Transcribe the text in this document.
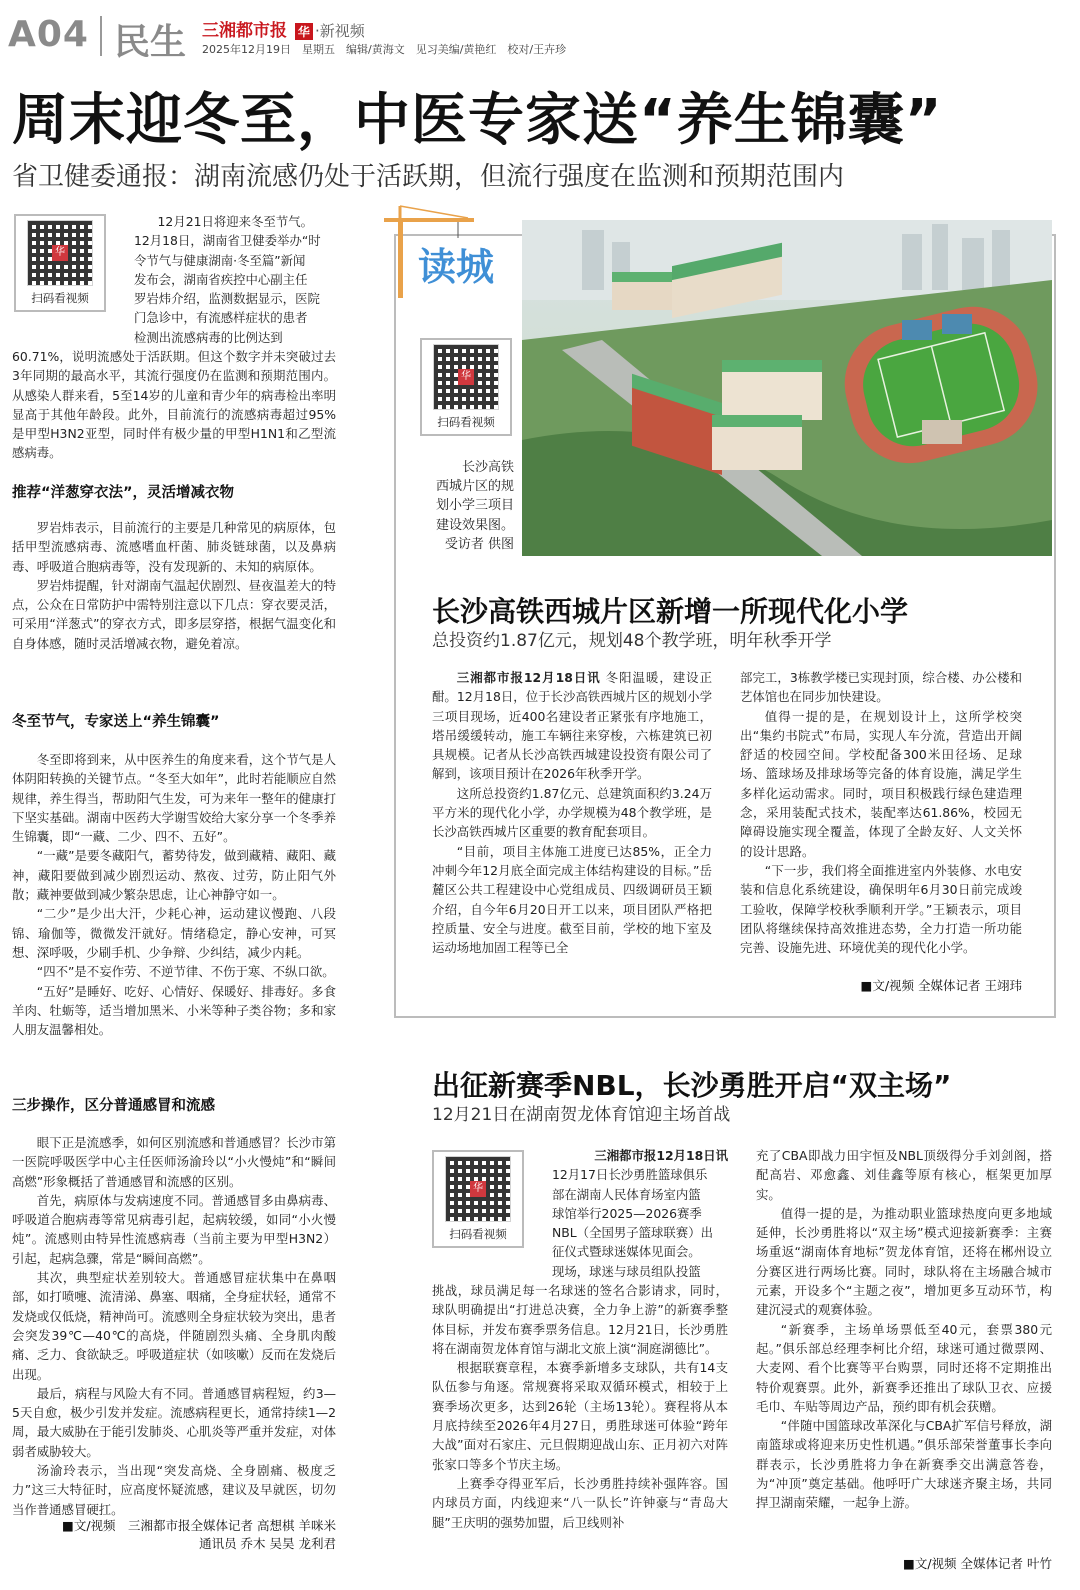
A04 民生 三湘都市报 华 ·新视频
2025年12月19日　星期五　编辑/黄海文　见习美编/黄艳红　校对/王卉珍
周末迎冬至，中医专家送“养生锦囊”
省卫健委通报：湖南流感仍处于活跃期，但流行强度在监测和预期范围内
华
扫码看视频
12月21日将迎来冬至节气。
12月18日，湖南省卫健委举办“时
令节气与健康湖南·冬至篇”新闻
发布会，湖南省疾控中心副主任
罗岩炜介绍，监测数据显示，医院
门急诊中，有流感样症状的患者
检测出流感病毒的比例达到
60.71%，说明流感处于活跃期。但这个数字并未突破过去3年同期的最高水平，其流行强度仍在监测和预期范围内。从感染人群来看，5至14岁的儿童和青少年的病毒检出率明显高于其他年龄段。此外，目前流行的流感病毒超过95%是甲型H3N2亚型，同时伴有极少量的甲型H1N1和乙型流感病毒。
推荐“洋葱穿衣法”，灵活增减衣物

罗岩炜表示，目前流行的主要是几种常见的病原体，包括甲型流感病毒、流感嗜血杆菌、肺炎链球菌，以及鼻病毒、呼吸道合胞病毒等，没有发现新的、未知的病原体。

罗岩炜提醒，针对湖南气温起伏剧烈、昼夜温差大的特点，公众在日常防护中需特别注意以下几点：穿衣要灵活，可采用“洋葱式”的穿衣方式，即多层穿搭，根据气温变化和自身体感，随时灵活增减衣物，避免着凉。

冬至节气，专家送上“养生锦囊”

冬至即将到来，从中医养生的角度来看，这个节气是人体阴阳转换的关键节点。“冬至大如年”，此时若能顺应自然规律，养生得当，帮助阳气生发，可为来年一整年的健康打下坚实基础。湖南中医药大学谢雪姣给大家分享一个冬季养生锦囊，即“一藏、二少、四不、五好”。

“一藏”是要冬藏阳气，蓄势待发，做到藏精、藏阳、藏神，藏阳要做到减少剧烈运动、熬夜、过劳，防止阳气外散；藏神要做到减少繁杂思虑，让心神静守如一。

“二少”是少出大汗，少耗心神，运动建议慢跑、八段锦、瑜伽等，微微发汗就好。情绪稳定，静心安神，可冥想、深呼吸，少刷手机、少争辩、少纠结，减少内耗。

“四不”是不妄作劳、不逆节律、不伤于寒、不纵口欲。

“五好”是睡好、吃好、心情好、保暖好、排毒好。多食羊肉、牡蛎等，适当增加黑米、小米等种子类谷物；多和家人朋友温馨相处。

三步操作，区分普通感冒和流感

眼下正是流感季，如何区别流感和普通感冒？长沙市第一医院呼吸医学中心主任医师汤渝玲以“小火慢炖”和“瞬间高燃”形象概括了普通感冒和流感的区别。

首先，病原体与发病速度不同。普通感冒多由鼻病毒、呼吸道合胞病毒等常见病毒引起，起病较缓，如同“小火慢炖”。流感则由特异性流感病毒（当前主要为甲型H3N2）引起，起病急骤，常是“瞬间高燃”。

其次，典型症状差别较大。普通感冒症状集中在鼻咽部，如打喷嚏、流清涕、鼻塞、咽痛，全身症状轻，通常不发烧或仅低烧，精神尚可。流感则全身症状较为突出，患者会突发39℃—40℃的高烧，伴随剧烈头痛、全身肌肉酸痛、乏力、食欲缺乏。呼吸道症状（如咳嗽）反而在发烧后出现。

最后，病程与风险大有不同。普通感冒病程短，约3—5天自愈，极少引发并发症。流感病程更长，通常持续1—2周，最大威胁在于能引发肺炎、心肌炎等严重并发症，对体弱者威胁较大。

汤渝玲表示，当出现“突发高烧、全身剧痛、极度乏力”这三大特征时，应高度怀疑流感，建议及早就医，切勿当作普通感冒硬扛。

■文/视频　三湘都市报全媒体记者 高想棋 羊咪米
通讯员 乔木 吴昊 龙利君
读城
华
扫码看视频
长沙高铁
西城片区的规
划小学三项目
建设效果图。
受访者 供图
长沙高铁西城片区新增一所现代化小学
总投资约1.87亿元，规划48个教学班，明年秋季开学

三湘都市报12月18日讯 冬阳温暖，建设正酣。12月18日，位于长沙高铁西城片区的规划小学三项目现场，近400名建设者正紧张有序地施工，塔吊缓缓转动，施工车辆往来穿梭，六栋建筑已初具规模。记者从长沙高铁西城建设投资有限公司了解到，该项目预计在2026年秋季开学。

这所总投资约1.87亿元、总建筑面积约3.24万平方米的现代化小学，办学规模为48个教学班，是长沙高铁西城片区重要的教育配套项目。

“目前，项目主体施工进度已达85%，正全力冲刺今年12月底全面完成主体结构建设的目标。”岳麓区公共工程建设中心党组成员、四级调研员王颖介绍，自今年6月20日开工以来，项目团队严格把控质量、安全与进度。截至目前，学校的地下室及运动场地加固工程等已全

部完工，3栋教学楼已实现封顶，综合楼、办公楼和艺体馆也在同步加快建设。

值得一提的是，在规划设计上，这所学校突出“集约书院式”布局，实现人车分流，营造出开阔舒适的校园空间。学校配备300米田径场、足球场、篮球场及排球场等完备的体育设施，满足学生多样化运动需求。同时，项目积极践行绿色建造理念，采用装配式技术，装配率达61.86%，校园无障碍设施实现全覆盖，体现了全龄友好、人文关怀的设计思路。

“下一步，我们将全面推进室内外装修、水电安装和信息化系统建设，确保明年6月30日前完成竣工验收，保障学校秋季顺利开学。”王颖表示，项目团队将继续保持高效推进态势，全力打造一所功能完善、设施先进、环境优美的现代化小学。

■文/视频 全媒体记者 王翊玮
出征新赛季NBL，长沙勇胜开启“双主场”
12月21日在湖南贺龙体育馆迎主场首战
华
扫码看视频
三湘都市报12月18日讯
12月17日长沙勇胜篮球俱乐
部在湖南人民体育场室内篮
球馆举行2025—2026赛季
NBL（全国男子篮球联赛）出
征仪式暨球迷媒体见面会。
现场，球迷与球员组队投篮
挑战，球员满足每一名球迷的签名合影请求，同时，球队明确提出“打进总决赛，全力争上游”的新赛季整体目标，并发布赛季票务信息。12月21日，长沙勇胜将在湖南贺龙体育馆与湖北文旅上演“洞庭湖德比”。

根据联赛章程，本赛季新增多支球队，共有14支队伍参与角逐。常规赛将采取双循环模式，相较于上赛季场次更多，达到26轮（主场13轮）。赛程将从本月底持续至2026年4月27日，勇胜球迷可体验“跨年大战”面对石家庄、元旦假期迎战山东、正月初六对阵张家口等多个节庆主场。

上赛季夺得亚军后，长沙勇胜持续补强阵容。国内球员方面，内线迎来“八一队长”许钟豪与“青岛大腿”王庆明的强势加盟，后卫线则补

充了CBA即战力田宇恒及NBL顶级得分手刘剑阁，搭配高岩、邓愈鑫、刘佳鑫等原有核心，框架更加厚实。

值得一提的是，为推动职业篮球热度向更多地域延伸，长沙勇胜将以“双主场”模式迎接新赛季：主赛场重返“湖南体育地标”贺龙体育馆，还将在郴州设立分赛区进行两场比赛。同时，球队将在主场融合城市元素，开设多个“主题之夜”，增加更多互动环节，构建沉浸式的观赛体验。

“新赛季，主场单场票低至40元，套票380元起。”俱乐部总经理李柯比介绍，球迷可通过微票网、大麦网、看个比赛等平台购票，同时还将不定期推出特价观赛票。此外，新赛季还推出了球队卫衣、应援毛巾、车贴等周边产品，预约即有机会获赠。

“伴随中国篮球改革深化与CBA扩军信号释放，湖南篮球或将迎来历史性机遇。”俱乐部荣誉董事长李向群表示，长沙勇胜将力争在新赛季交出满意答卷，为“冲顶”奠定基础。他呼吁广大球迷齐聚主场，共同捍卫湖南荣耀，一起争上游。

■文/视频 全媒体记者 叶竹
